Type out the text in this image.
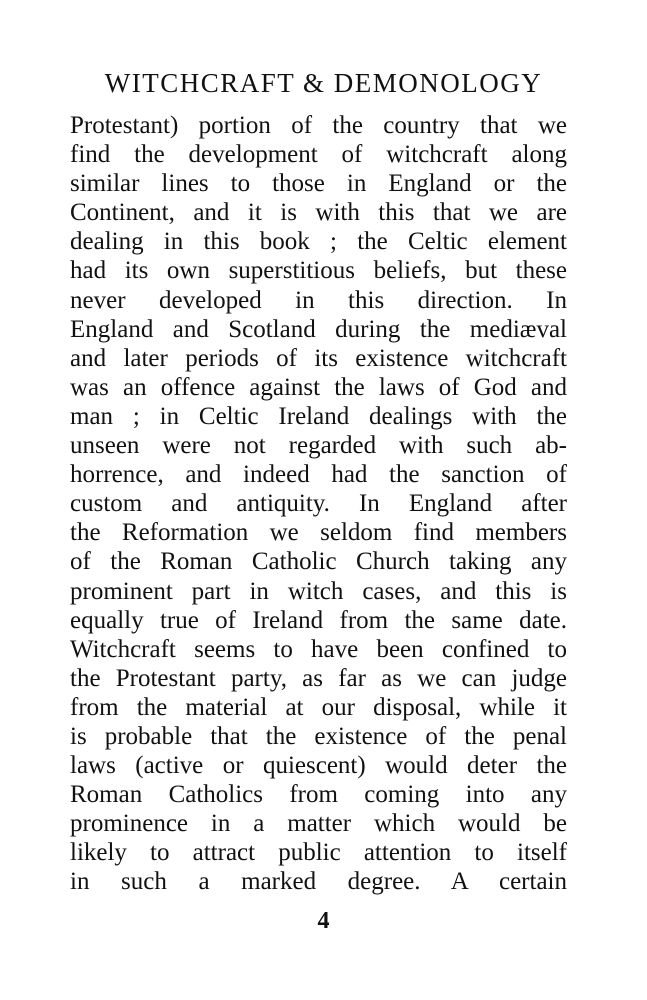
WITCHCRAFT & DEMONOLOGY
Protestant) portion of the country that we
find the development of witchcraft along
similar lines to those in England or the
Continent, and it is with this that we are
dealing in this book ; the Celtic element
had its own superstitious beliefs, but these
never developed in this direction. In
England and Scotland during the mediæval
and later periods of its existence witchcraft
was an offence against the laws of God and
man ; in Celtic Ireland dealings with the
unseen were not regarded with such ab-
horrence, and indeed had the sanction of
custom and antiquity. In England after
the Reformation we seldom find members
of the Roman Catholic Church taking any
prominent part in witch cases, and this is
equally true of Ireland from the same date.
Witchcraft seems to have been confined to
the Protestant party, as far as we can judge
from the material at our disposal, while it
is probable that the existence of the penal
laws (active or quiescent) would deter the
Roman Catholics from coming into any
prominence in a matter which would be
likely to attract public attention to itself
in such a marked degree. A certain
4
